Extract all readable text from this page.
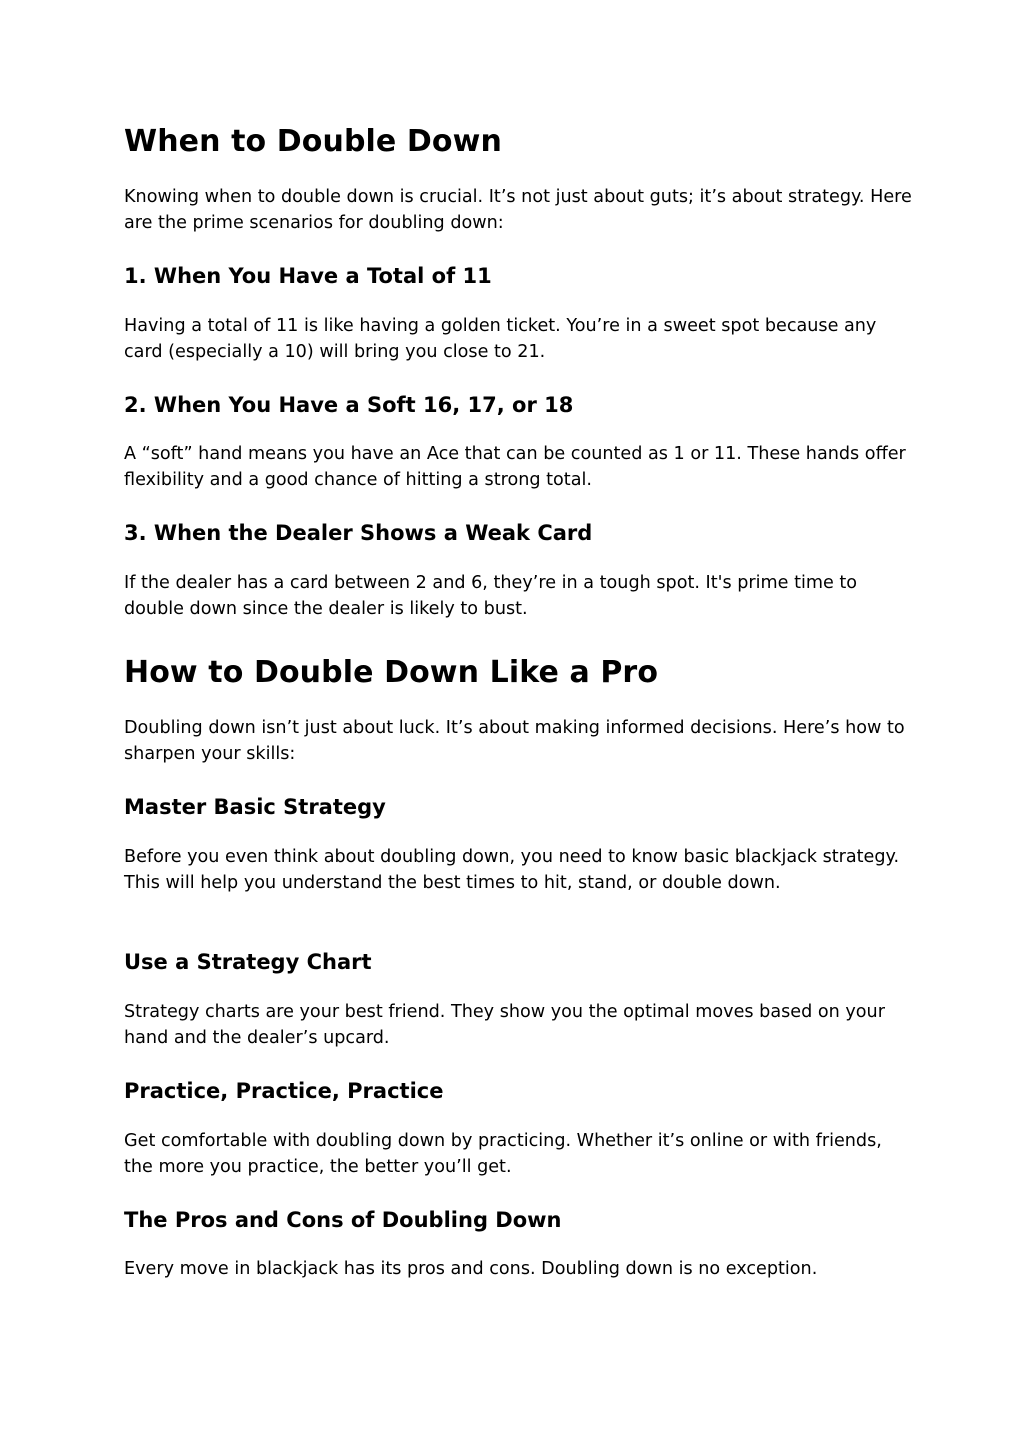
When to Double Down

Knowing when to double down is crucial. It’s not just about guts; it’s about strategy. Here are the prime scenarios for doubling down:

1. When You Have a Total of 11

Having a total of 11 is like having a golden ticket. You’re in a sweet spot because any card (especially a 10) will bring you close to 21.

2. When You Have a Soft 16, 17, or 18

A “soft” hand means you have an Ace that can be counted as 1 or 11. These hands offer flexibility and a good chance of hitting a strong total.

3. When the Dealer Shows a Weak Card

If the dealer has a card between 2 and 6, they’re in a tough spot. It's prime time to double down since the dealer is likely to bust.

How to Double Down Like a Pro

Doubling down isn’t just about luck. It’s about making informed decisions. Here’s how to sharpen your skills:

Master Basic Strategy

Before you even think about doubling down, you need to know basic blackjack strategy. This will help you understand the best times to hit, stand, or double down.

Use a Strategy Chart

Strategy charts are your best friend. They show you the optimal moves based on your hand and the dealer’s upcard.

Practice, Practice, Practice

Get comfortable with doubling down by practicing. Whether it’s online or with friends, the more you practice, the better you’ll get.

The Pros and Cons of Doubling Down

Every move in blackjack has its pros and cons. Doubling down is no exception.
